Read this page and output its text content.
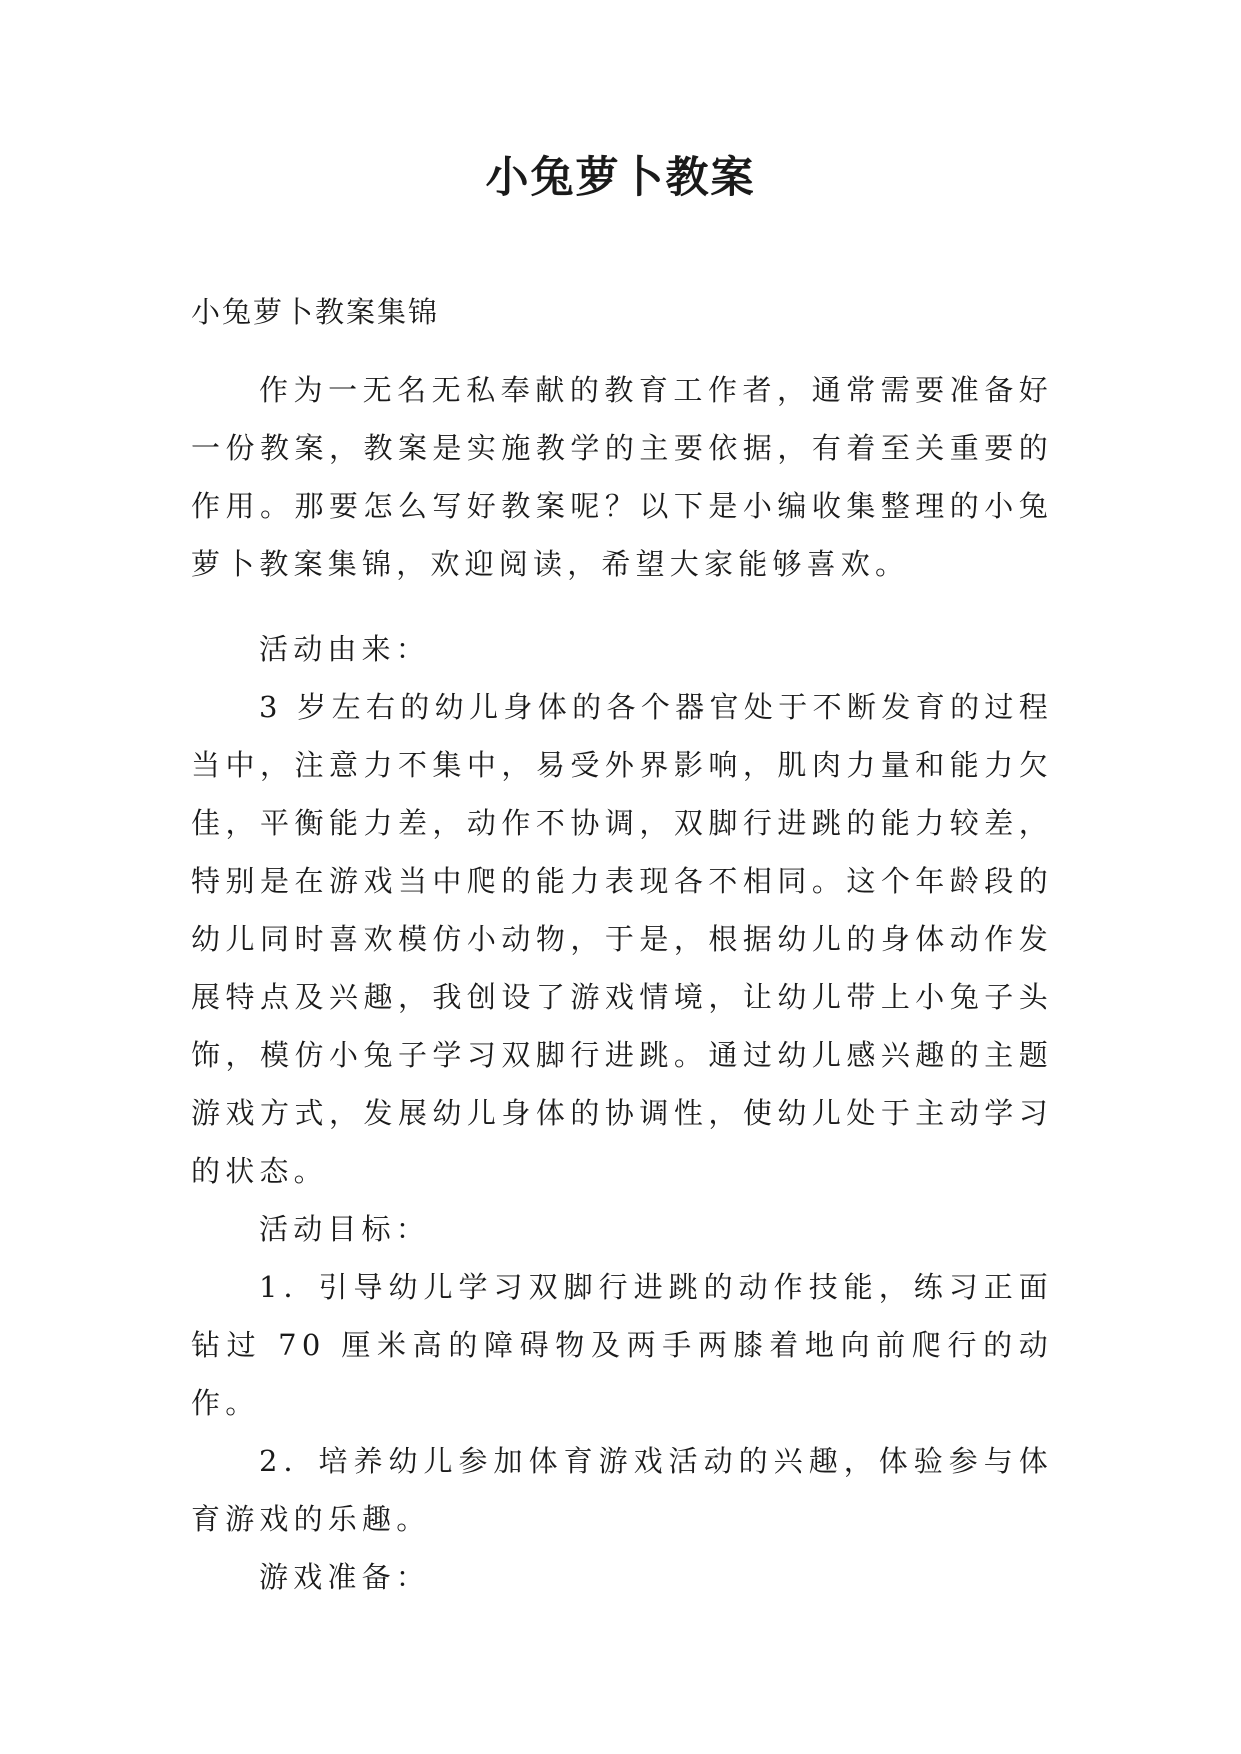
小兔萝卜教案
小兔萝卜教案集锦

作为一无名无私奉献的教育工作者，通常需要准备好一份教案，教案是实施教学的主要依据，有着至关重要的作用。那要怎么写好教案呢？以下是小编收集整理的小兔萝卜教案集锦，欢迎阅读，希望大家能够喜欢。

活动由来：

3 岁左右的幼儿身体的各个器官处于不断发育的过程当中，注意力不集中，易受外界影响，肌肉力量和能力欠佳，平衡能力差，动作不协调，双脚行进跳的能力较差，特别是在游戏当中爬的能力表现各不相同。这个年龄段的幼儿同时喜欢模仿小动物，于是，根据幼儿的身体动作发展特点及兴趣，我创设了游戏情境，让幼儿带上小兔子头饰，模仿小兔子学习双脚行进跳。通过幼儿感兴趣的主题游戏方式，发展幼儿身体的协调性，使幼儿处于主动学习的状态。

活动目标：

1．引导幼儿学习双脚行进跳的动作技能，练习正面钻过 70 厘米高的障碍物及两手两膝着地向前爬行的动作。

2．培养幼儿参加体育游戏活动的兴趣，体验参与体育游戏的乐趣。

游戏准备：
